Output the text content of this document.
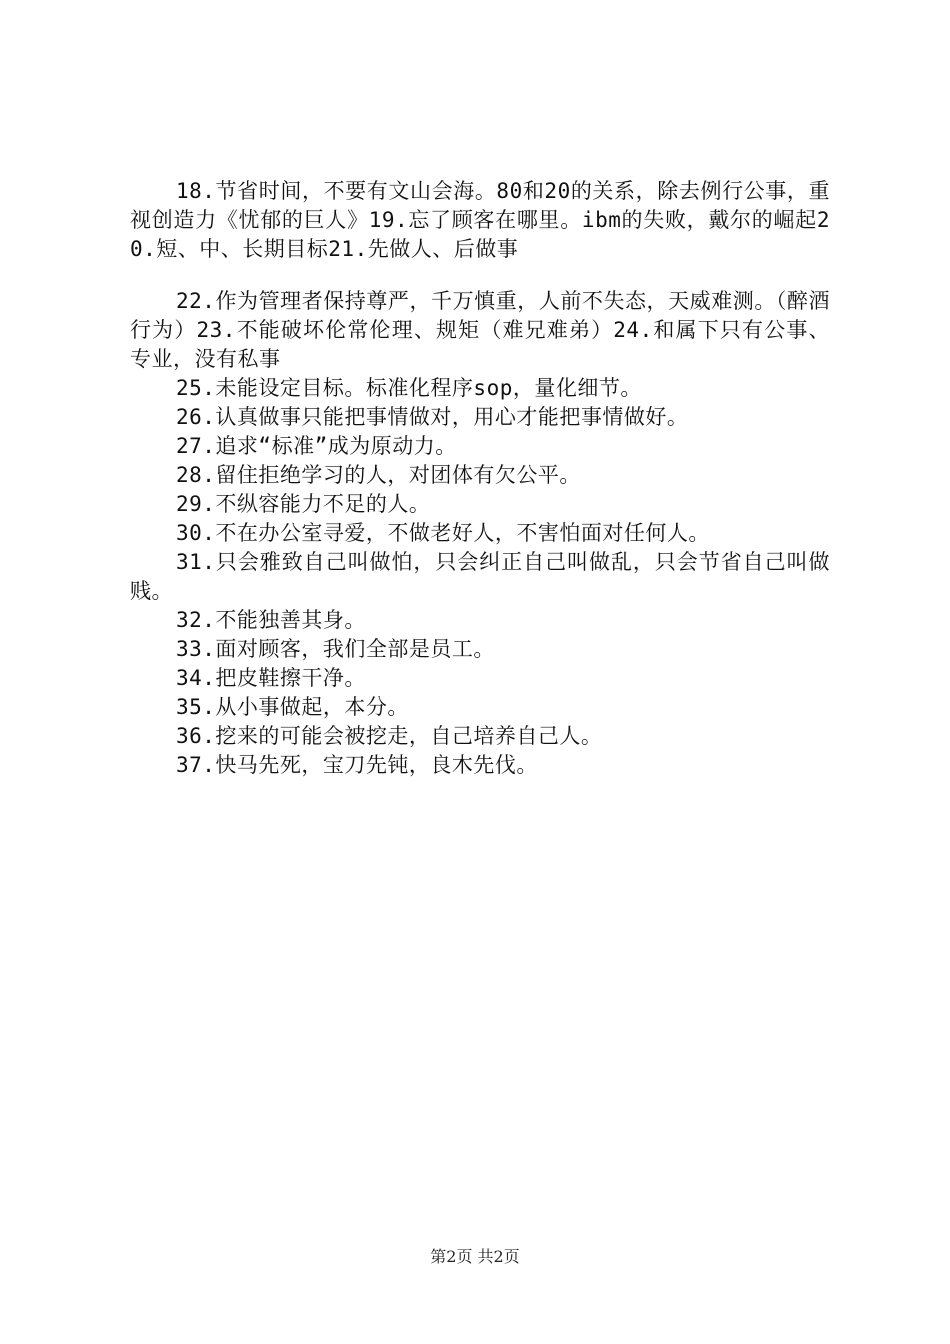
18.节省时间，不要有文山会海。80和20的关系，除去例行公事，重视创造力《忧郁的巨人》19.忘了顾客在哪里。ibm的失败，戴尔的崛起20.短、中、长期目标21.先做人、后做事

22.作为管理者保持尊严，千万慎重，人前不失态，天威难测。（醉酒行为）23.不能破坏伦常伦理、规矩（难兄难弟）24.和属下只有公事、专业，没有私事

25.未能设定目标。标准化程序sop，量化细节。

26.认真做事只能把事情做对，用心才能把事情做好。

27.追求“标准”成为原动力。

28.留住拒绝学习的人，对团体有欠公平。

29.不纵容能力不足的人。

30.不在办公室寻爱，不做老好人，不害怕面对任何人。

31.只会雅致自己叫做怕，只会纠正自己叫做乱，只会节省自己叫做贱。

32.不能独善其身。

33.面对顾客，我们全部是员工。

34.把皮鞋擦干净。

35.从小事做起，本分。

36.挖来的可能会被挖走，自己培养自己人。

37.快马先死，宝刀先钝，良木先伐。

第2页 共2页
